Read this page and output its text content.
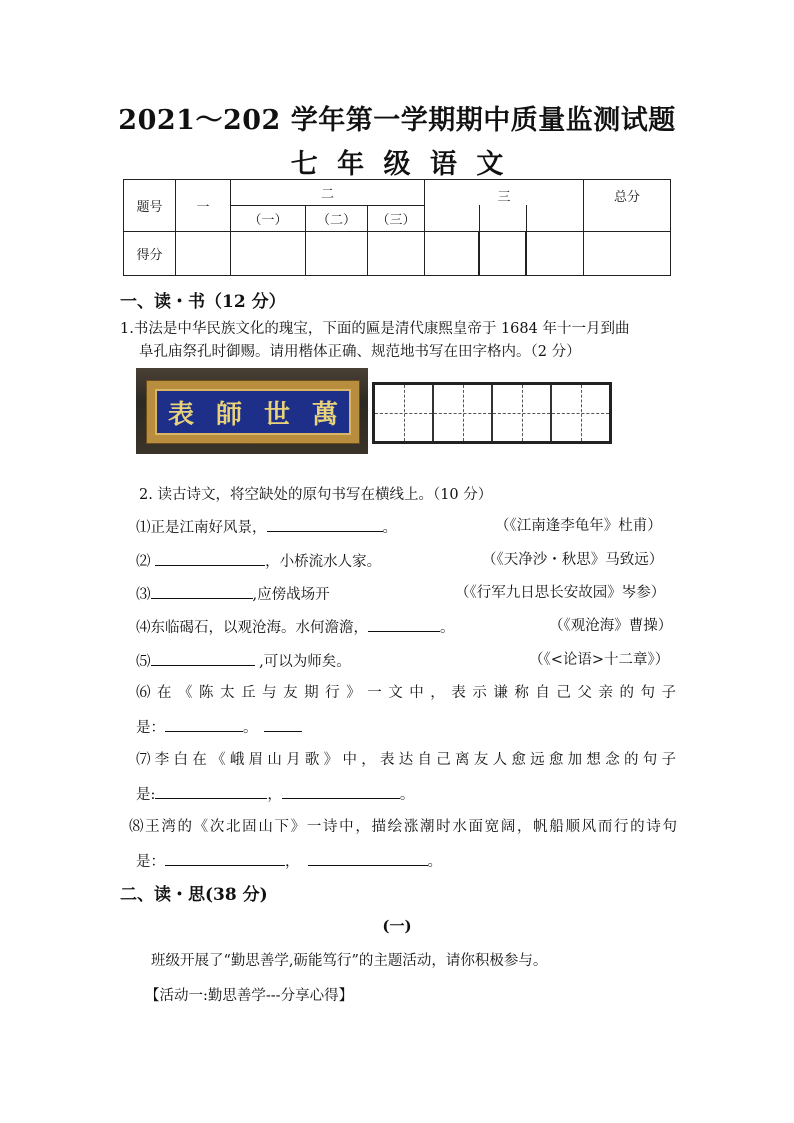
2021～202 学年第一学期期中质量监测试题
七 年 级 语 文
题号	一	二			三			总分
		（一）	（二）	（三）				
得分								
一、读・书（12 分）
1.书法是中华民族文化的瑰宝，下面的匾是清代康熙皇帝于 1684 年十一月到曲
阜孔庙祭孔时御赐。请用楷体正确、规范地书写在田字格内。（2 分）
表 師 世 萬
2. 读古诗文，将空缺处的原句书写在横线上。（10 分）
⑴正是江南好风景，	。	（《江南逢李龟年》杜甫）
⑵	，小桥流水人家。	（《天净沙・秋思》马致远）
⑶	,应傍战场开	（《行军九日思长安故园》岑参）
⑷东临碣石，以观沧海。水何澹澹，	。	（《观沧海》曹操）
⑸	,可以为师矣。	（《<论语>十二章》）
⑹在《陈太丘与友期行》一文中，表示谦称自己父亲的句子
是：	。
⑺李白在《峨眉山月歌》中，表达自己离友人愈远愈加想念的句子
是:	，	。
⑻王湾的《次北固山下》一诗中，描绘涨潮时水面宽阔，帆船顺风而行的诗句
是：	，	。
二、读・思(38 分)
(一)
班级开展了“勤思善学,砺能笃行”的主题活动，请你积极参与。
【活动一:勤思善学---分享心得】
